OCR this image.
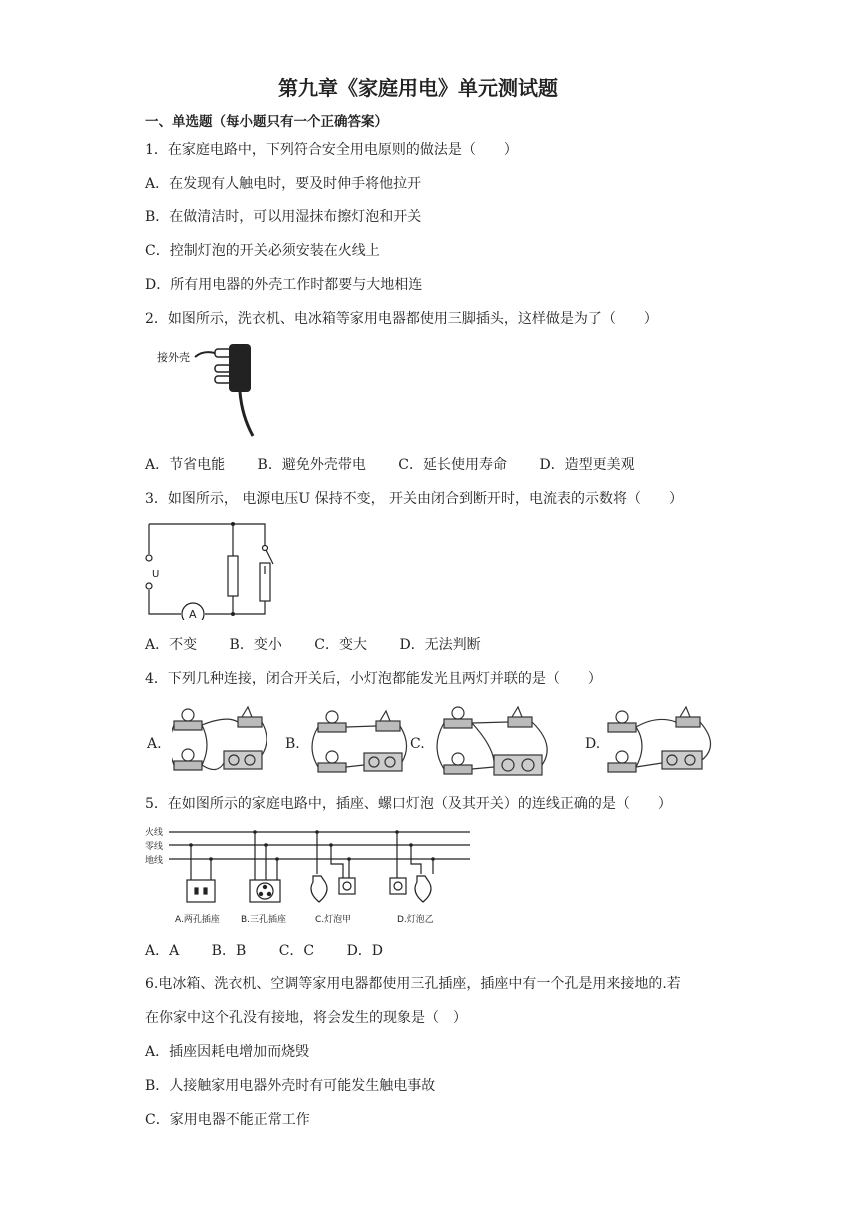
第九章《家庭用电》单元测试题
一、单选题（每小题只有一个正确答案）
1．在家庭电路中，下列符合安全用电原则的做法是（　　）
A．在发现有人触电时，要及时伸手将他拉开
B．在做清洁时，可以用湿抹布擦灯泡和开关
C．控制灯泡的开关必须安装在火线上
D．所有用电器的外壳工作时都要与大地相连
2．如图所示，洗衣机、电冰箱等家用电器都使用三脚插头，这样做是为了（　　）
接外壳
A．节省电能　　 B．避免外壳带电　　 C．延长使用寿命　　 D．造型更美观
3．如图所示， 电源电压U 保持不变， 开关由闭合到断开时，电流表的示数将（　　）
U
A
A．不变　　 B．变小　　 C．变大　　 D．无法判断
4．下列几种连接，闭合开关后，小灯泡都能发光且两灯并联的是（　　）
A.	B.	C.	D.
5．在如图所示的家庭电路中，插座、螺口灯泡（及其开关）的连线正确的是（　　）
火线
零线
地线
A.两孔插座 B.三孔插座	C.灯泡甲	D.灯泡乙
A．A　　 B．B　　 C．C　　 D．D
6.电冰箱、洗衣机、空调等家用电器都使用三孔插座，插座中有一个孔是用来接地的.若
在你家中这个孔没有接地，将会发生的现象是（　）
A．插座因耗电增加而烧毁
B．人接触家用电器外壳时有可能发生触电事故
C．家用电器不能正常工作
